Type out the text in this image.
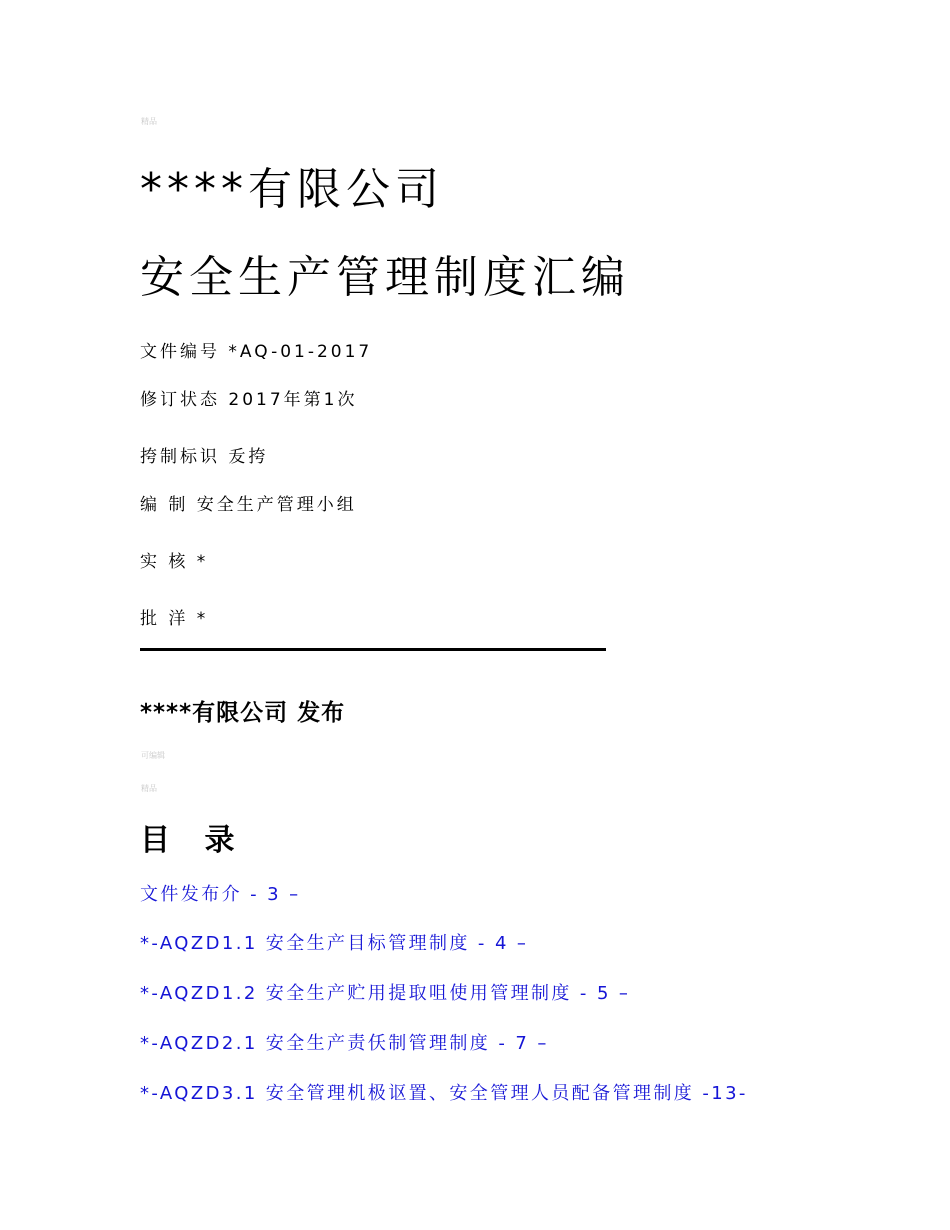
精品
****有限公司
安全生产管理制度汇编
文件编号 *AQ-01-2017
修订状态 2017年第1次
挎制标识 叐挎
编 制 安全生产管理小组
实 核 *
批 洋 *
****有限公司 发布
可编辑
精品
目 录
文件发布介 - 3 –
*-AQZD1.1 安全生产目标管理制度 - 4 –
*-AQZD1.2 安全生产贮用提取咀使用管理制度 - 5 –
*-AQZD2.1 安全生产责仸制管理制度 - 7 –
*-AQZD3.1 安全管理机极讴置、安全管理人员配备管理制度 -13-
